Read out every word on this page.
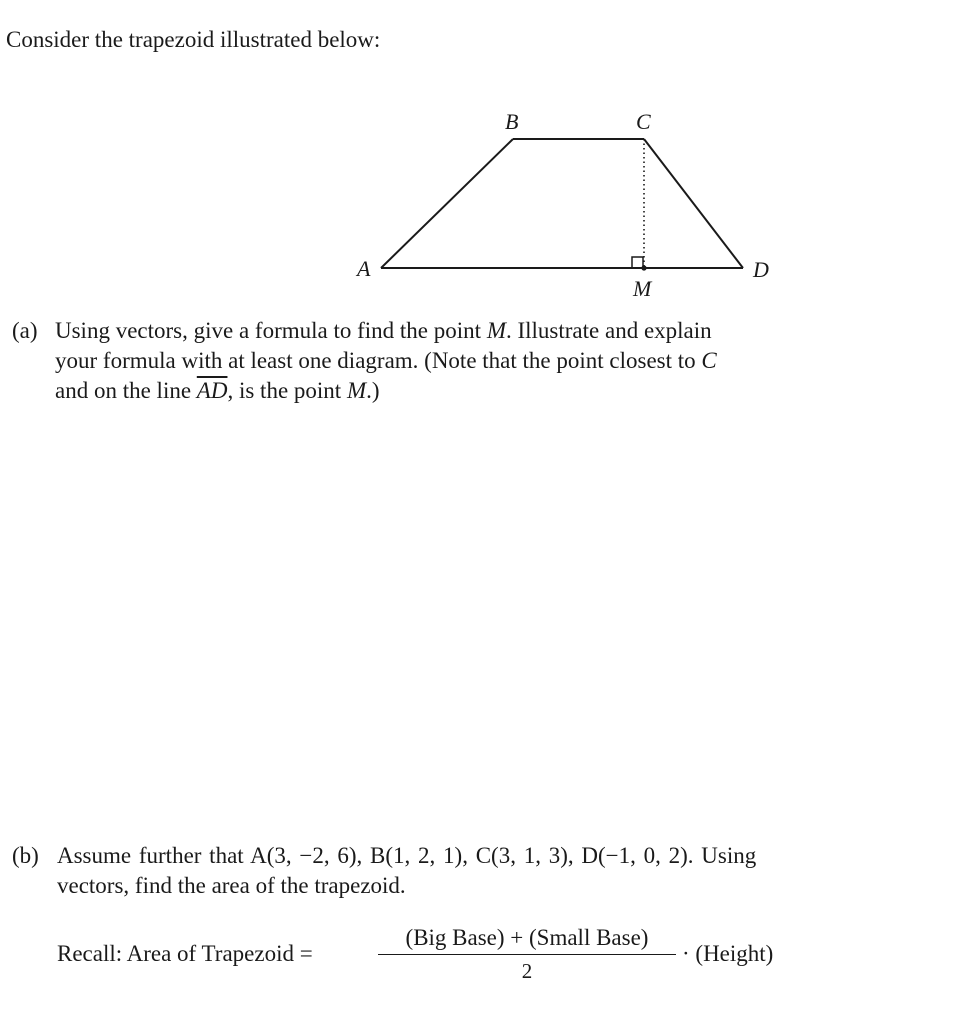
Consider the trapezoid illustrated below:
A
B	C
D
M
(a) Using vectors, give a formula to find the point M. Illustrate and explain
your formula with at least one diagram. (Note that the point closest to C
and on the line $\overline{AD}$, is the point M.)
(b) Assume further that A(3, −2, 6), B(1, 2, 1), C(3, 1, 3), D(−1, 0, 2). Using
vectors, find the area of the trapezoid.
Recall: Area of Trapezoid =
(Big Base) + (Small Base)
2
· (Height)
